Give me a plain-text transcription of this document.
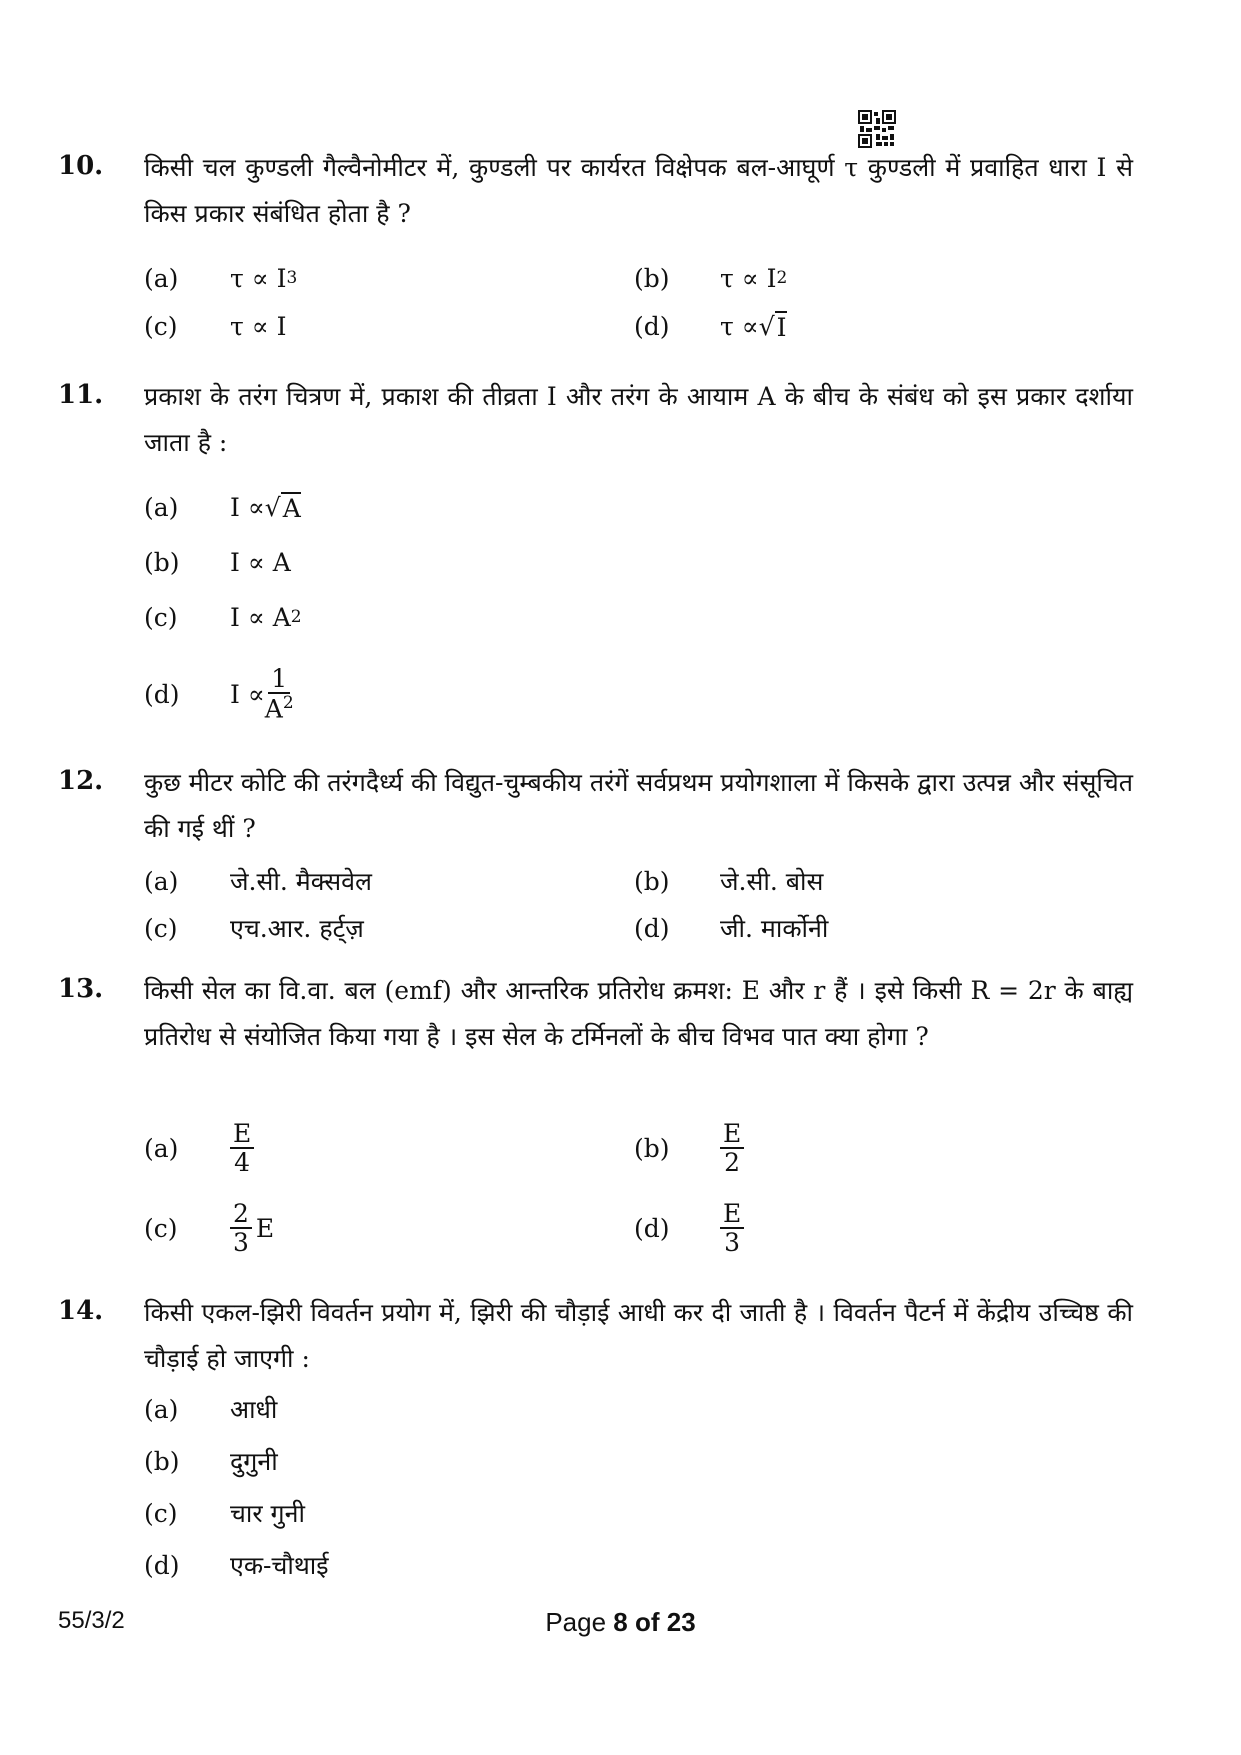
10. किसी चल कुण्डली गैल्वैनोमीटर में, कुण्डली पर कार्यरत विक्षेपक बल-आघूर्ण τ कुण्डली में प्रवाहित धारा I से किस प्रकार संबंधित होता है ?
(a)	τ ∝ I 3	(b)	τ ∝ I 2
(c)	τ ∝ I	(d)	τ ∝ √ I
11. प्रकाश के तरंग चित्रण में, प्रकाश की तीव्रता I और तरंग के आयाम A के बीच के संबंध को इस प्रकार दर्शाया जाता है :
(a)	I ∝ √ A
(b)	I ∝ A
(c)	I ∝ A 2
(d)	$I \propto \frac{1}{A^2}$
12. कुछ मीटर कोटि की तरंगदैर्ध्य की विद्युत-चुम्बकीय तरंगें सर्वप्रथम प्रयोगशाला में किसके द्वारा उत्पन्न और संसूचित की गई थीं ?
(a)	जे.सी. मैक्सवेल	(b)	जे.सी. बोस
(c)	एच.आर. हर्ट्ज़	(d)	जी. मार्कोनी
13. किसी सेल का वि.वा. बल (emf) और आन्तरिक प्रतिरोध क्रमश: E और r हैं । इसे किसी R = 2r के बाह्य प्रतिरोध से संयोजित किया गया है । इस सेल के टर्मिनलों के बीच विभव पात क्या होगा ?
(a)	$\frac{E}{4}$	(b)	$\frac{E}{2}$
(c)	$\frac{2}{3}$ E	(d)	$\frac{E}{3}$
14. किसी एकल-झिरी विवर्तन प्रयोग में, झिरी की चौड़ाई आधी कर दी जाती है । विवर्तन पैटर्न में केंद्रीय उच्चिष्ठ की चौड़ाई हो जाएगी :
(a)	आधी
(b)	दुगुनी
(c)	चार गुनी
(d)	एक-चौथाई
55/3/2	Page 8 of 23
